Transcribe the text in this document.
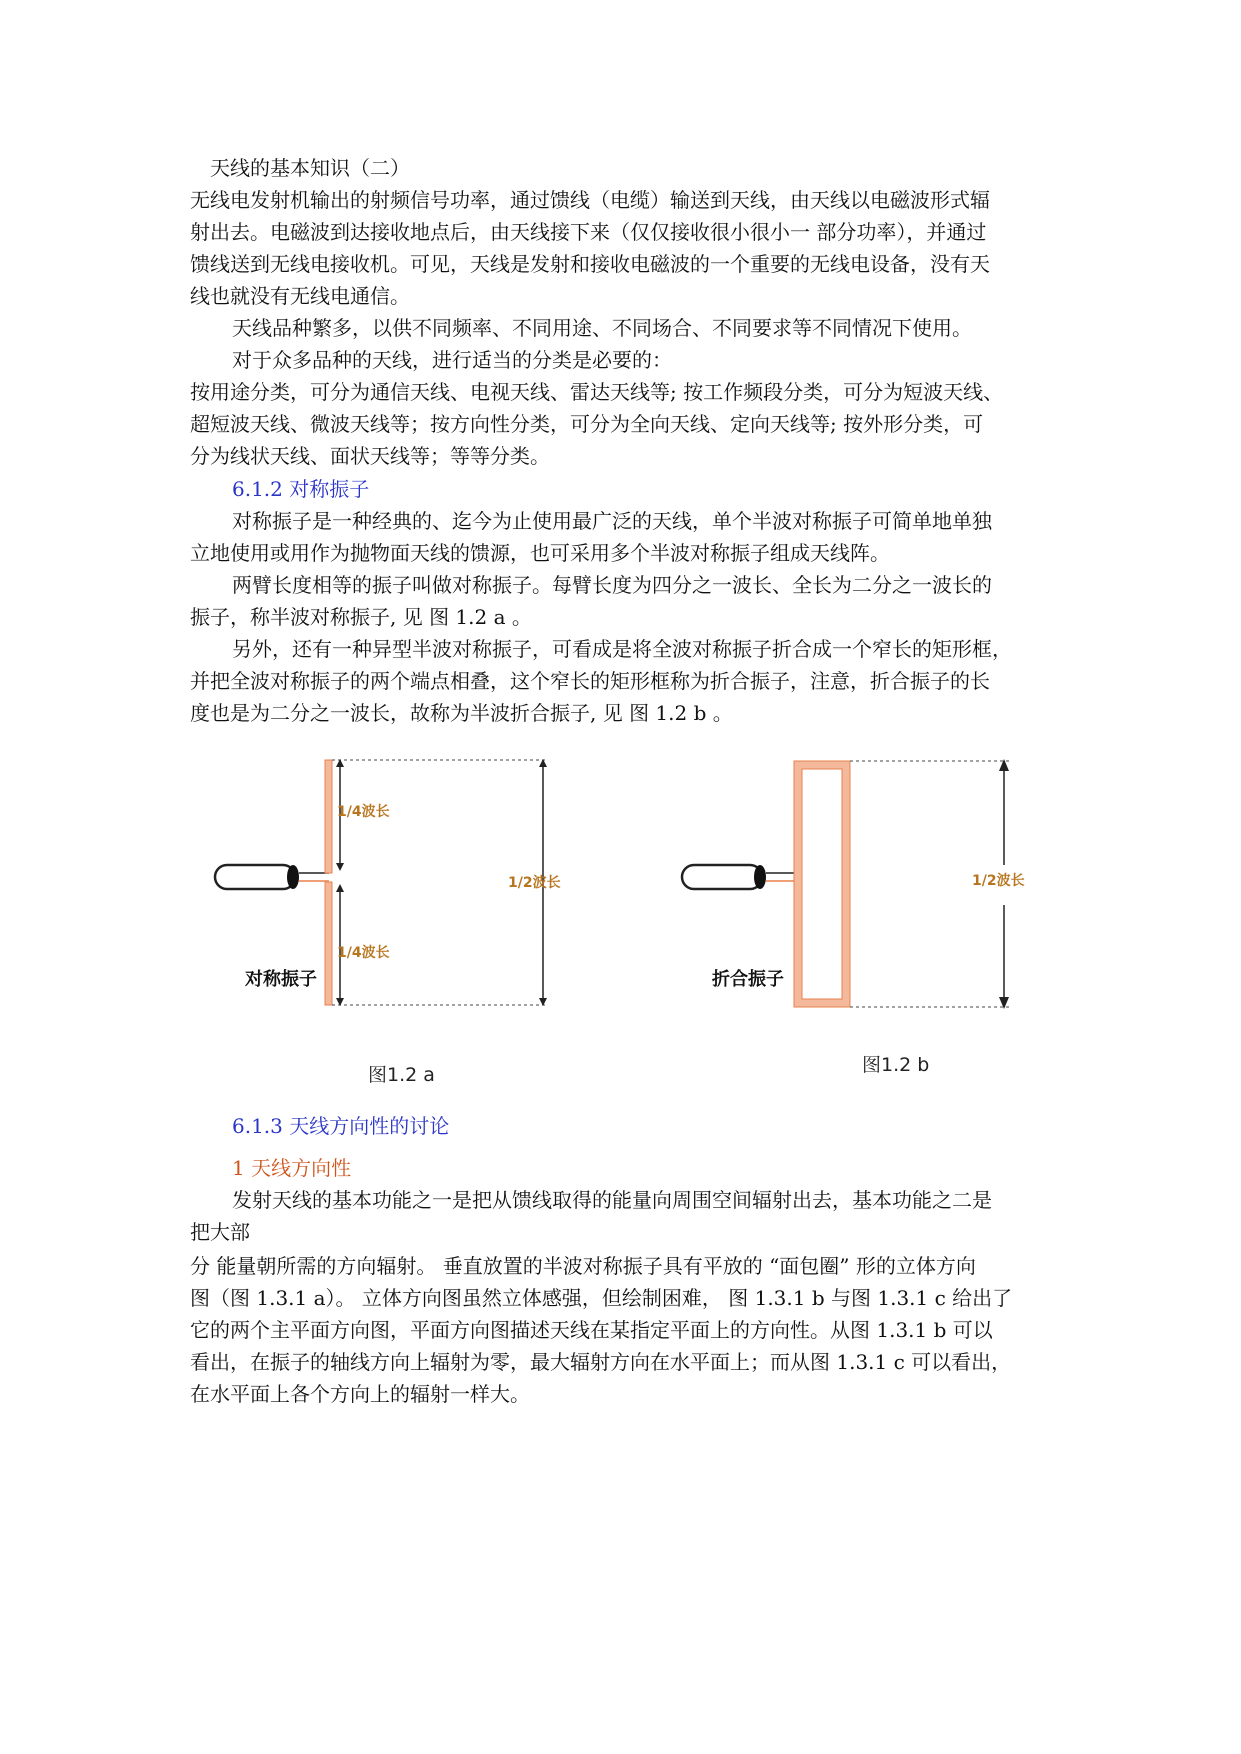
天线的基本知识（二）
无线电发射机输出的射频信号功率，通过馈线（电缆）输送到天线，由天线以电磁波形式辐
射出去。电磁波到达接收地点后，由天线接下来（仅仅接收很小很小一 部分功率），并通过
馈线送到无线电接收机。可见，天线是发射和接收电磁波的一个重要的无线电设备，没有天
线也就没有无线电通信。
天线品种繁多，以供不同频率、不同用途、不同场合、不同要求等不同情况下使用。
对于众多品种的天线，进行适当的分类是必要的：
按用途分类，可分为通信天线、电视天线、雷达天线等; 按工作频段分类，可分为短波天线、
超短波天线、微波天线等；按方向性分类，可分为全向天线、定向天线等; 按外形分类，可
分为线状天线、面状天线等；等等分类。
6.1.2 对称振子
对称振子是一种经典的、迄今为止使用最广泛的天线，单个半波对称振子可简单地单独
立地使用或用作为抛物面天线的馈源，也可采用多个半波对称振子组成天线阵。
两臂长度相等的振子叫做对称振子。每臂长度为四分之一波长、全长为二分之一波长的
振子，称半波对称振子, 见 图 1.2 a 。
另外，还有一种异型半波对称振子，可看成是将全波对称振子折合成一个窄长的矩形框，
并把全波对称振子的两个端点相叠，这个窄长的矩形框称为折合振子，注意，折合振子的长
度也是为二分之一波长，故称为半波折合振子, 见 图 1.2 b 。
1/4波长
1/4波长
1/2波长
对称振子
图1.2 a
1/2波长
折合振子
图1.2 b
6.1.3 天线方向性的讨论
1 天线方向性
发射天线的基本功能之一是把从馈线取得的能量向周围空间辐射出去，基本功能之二是
把大部
分 能量朝所需的方向辐射。 垂直放置的半波对称振子具有平放的 “面包圈” 形的立体方向
图（图 1.3.1 a）。 立体方向图虽然立体感强，但绘制困难， 图 1.3.1 b 与图 1.3.1 c 给出了
它的两个主平面方向图，平面方向图描述天线在某指定平面上的方向性。从图 1.3.1 b 可以
看出，在振子的轴线方向上辐射为零，最大辐射方向在水平面上；而从图 1.3.1 c 可以看出，
在水平面上各个方向上的辐射一样大。
